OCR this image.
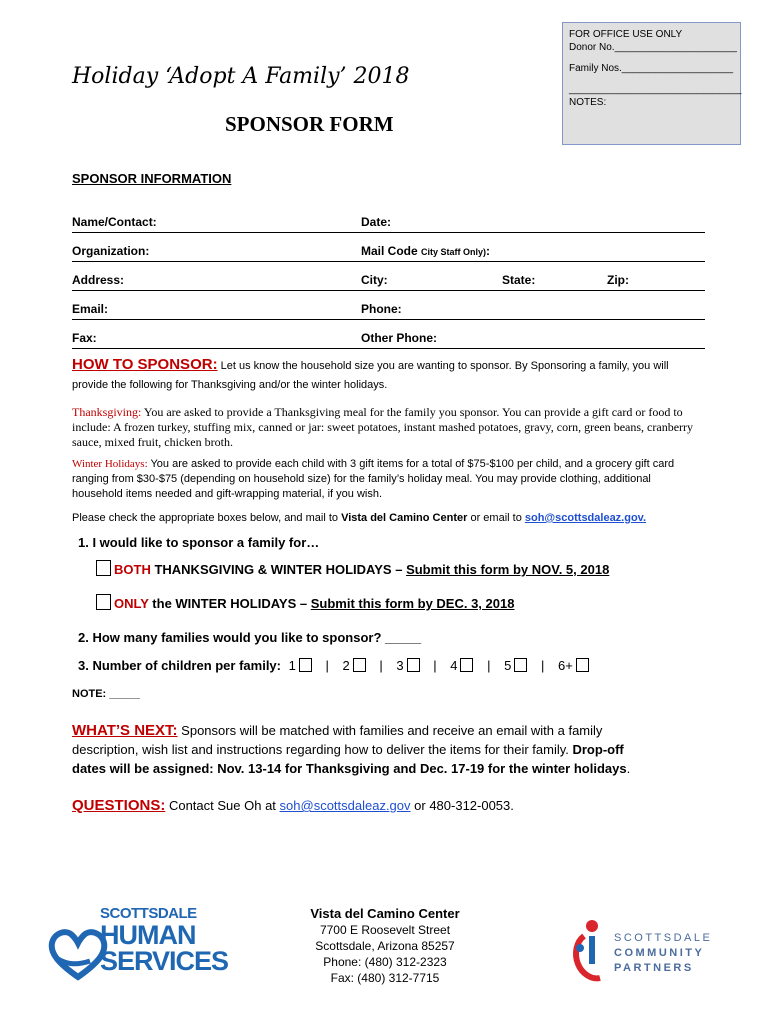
FOR OFFICE USE ONLY
Donor No.______________________
Family Nos.____________________
_______________________________
NOTES:
Holiday ‘Adopt A Family’ 2018
SPONSOR FORM
SPONSOR INFORMATION
Name/Contact:	Date:
Organization:	Mail Code City Staff Only):
Address:	City:	State:	Zip:
Email:	Phone:
Fax:	Other Phone:
HOW TO SPONSOR: Let us know the household size you are wanting to sponsor. By Sponsoring a family, you will
provide the following for Thanksgiving and/or the winter holidays.
Thanksgiving: You are asked to provide a Thanksgiving meal for the family you sponsor. You can provide a gift card or food to include: A frozen turkey, stuffing mix, canned or jar: sweet potatoes, instant mashed potatoes, gravy, corn, green beans, cranberry sauce, mixed fruit, chicken broth.
Winter Holidays: You are asked to provide each child with 3 gift items for a total of $75-$100 per child, and a grocery gift card ranging from $30-$75 (depending on household size) for the family’s holiday meal. You may provide clothing, additional household items needed and gift-wrapping material, if you wish.
Please check the appropriate boxes below, and mail to Vista del Camino Center or email to soh@scottsdaleaz.gov.
1. I would like to sponsor a family for…
BOTH THANKSGIVING & WINTER HOLIDAYS – Submit this form by NOV. 5, 2018
ONLY the WINTER HOLIDAYS – Submit this form by DEC. 3, 2018
2. How many families would you like to sponsor? _____
3. Number of children per family: 1 | 2 | 3 | 4 | 5 | 6+
NOTE: _____
WHAT’S NEXT: Sponsors will be matched with families and receive an email with a family
description, wish list and instructions regarding how to deliver the items for their family. Drop-off
dates will be assigned: Nov. 13-14 for Thanksgiving and Dec. 17-19 for the winter holidays.
QUESTIONS: Contact Sue Oh at soh@scottsdaleaz.gov or 480-312-0053.
SCOTTSDALE
HUMAN
SERVICES
Vista del Camino Center
7700 E Roosevelt Street
Scottsdale, Arizona 85257
Phone: (480) 312-2323
Fax: (480) 312-7715
SCOTTSDALE
COMMUNITY
PARTNERS
